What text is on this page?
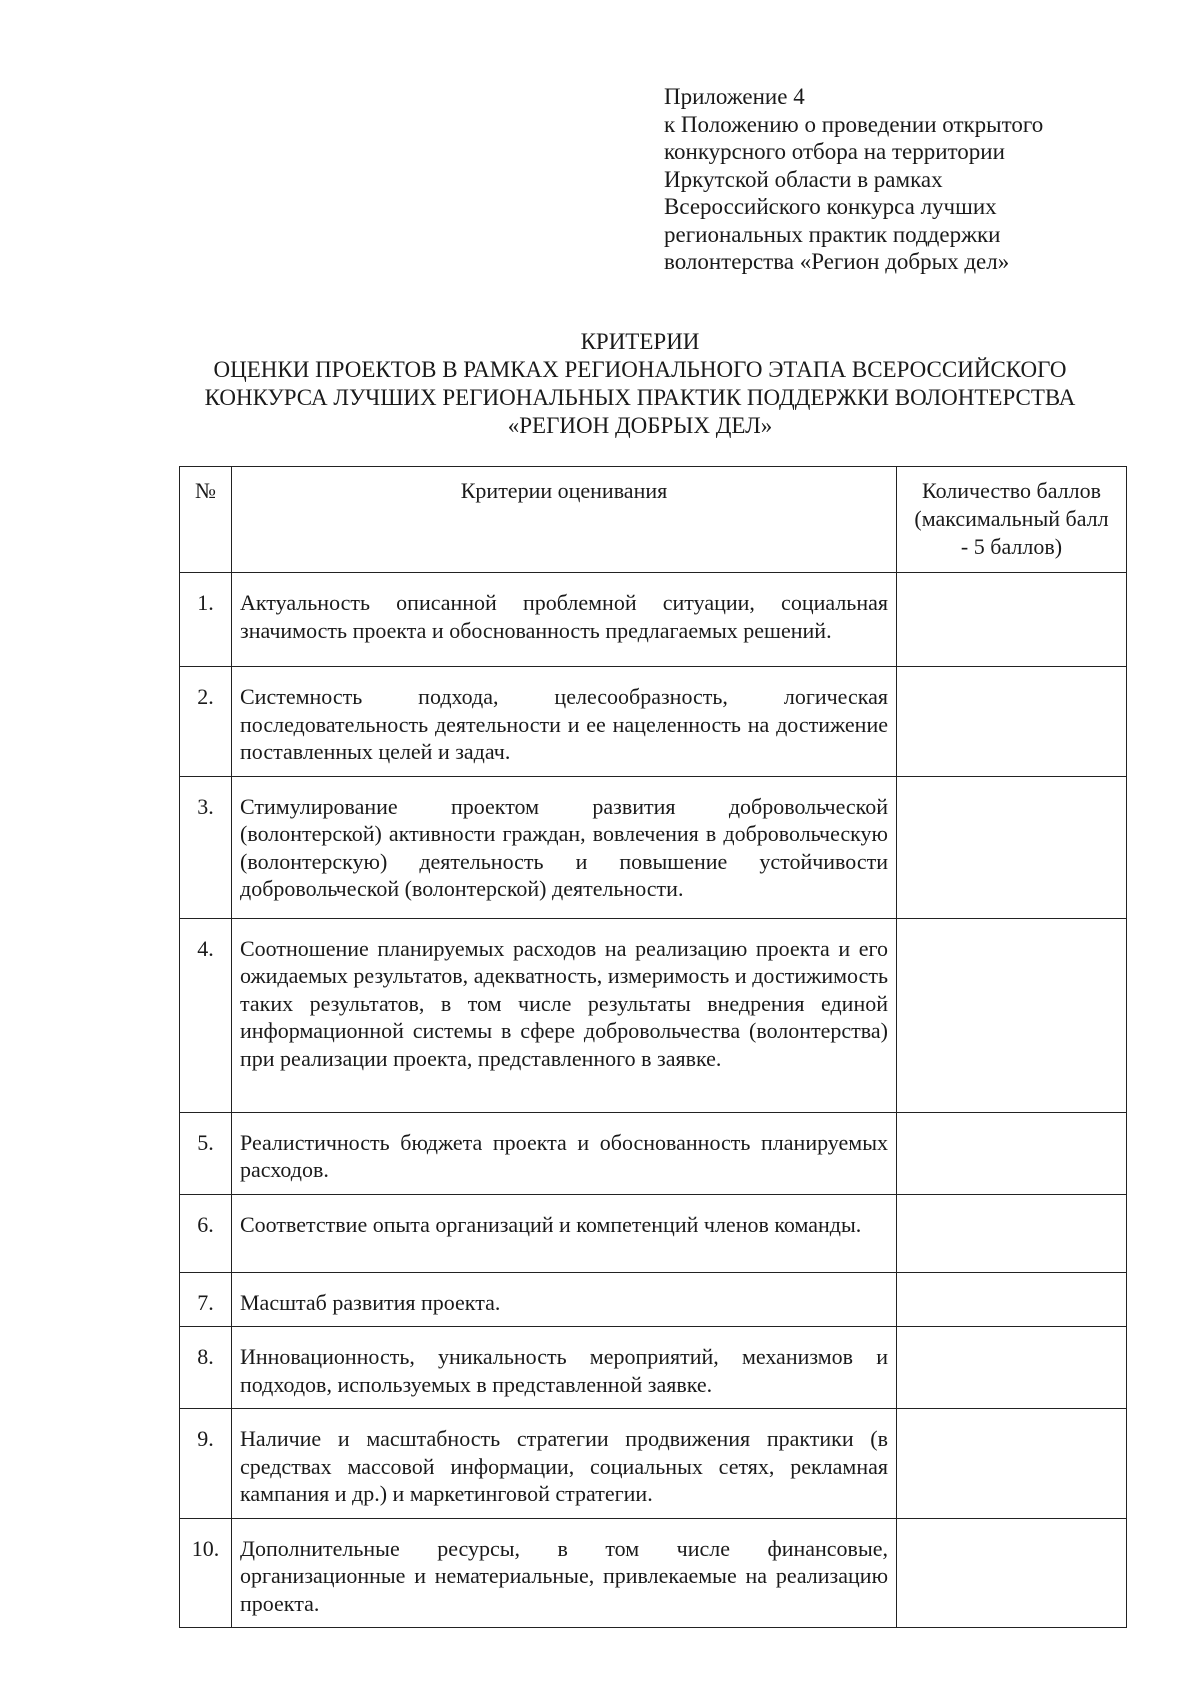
Приложение 4
к Положению о проведении открытого
конкурсного отбора на территории
Иркутской области в рамках
Всероссийского конкурса лучших
региональных практик поддержки
волонтерства «Регион добрых дел»
КРИТЕРИИ
ОЦЕНКИ ПРОЕКТОВ В РАМКАХ РЕГИОНАЛЬНОГО ЭТАПА ВСЕРОССИЙСКОГО
КОНКУРСА ЛУЧШИХ РЕГИОНАЛЬНЫХ ПРАКТИК ПОДДЕРЖКИ ВОЛОНТЕРСТВА
«РЕГИОН ДОБРЫХ ДЕЛ»
№	Критерии оценивания	Количество баллов
(максимальный балл
- 5 баллов)

1.	Актуальность описанной проблемной ситуации, социальная значимость проекта и обоснованность предлагаемых решений.	
2.	Системность подхода, целесообразность, логическая последовательность деятельности и ее нацеленность на достижение поставленных целей и задач.	
3.	Стимулирование проектом развития добровольческой (волонтерской) активности граждан, вовлечения в добровольческую (волонтерскую) деятельность и повышение устойчивости добровольческой (волонтерской) деятельности.	
4.	Соотношение планируемых расходов на реализацию проекта и его ожидаемых результатов, адекватность, измеримость и достижимость таких результатов, в том числе результаты внедрения единой информационной системы в сфере добровольчества (волонтерства) при реализации проекта, представленного в заявке.	
5.	Реалистичность бюджета проекта и обоснованность планируемых расходов.	
6.	Соответствие опыта организаций и компетенций членов команды.	
7.	Масштаб развития проекта.	
8.	Инновационность, уникальность мероприятий, механизмов и подходов, используемых в представленной заявке.	
9.	Наличие и масштабность стратегии продвижения практики (в средствах массовой информации, социальных сетях, рекламная кампания и др.) и маркетинговой стратегии.	
10.	Дополнительные ресурсы, в том числе финансовые, организационные и нематериальные, привлекаемые на реализацию проекта.	
